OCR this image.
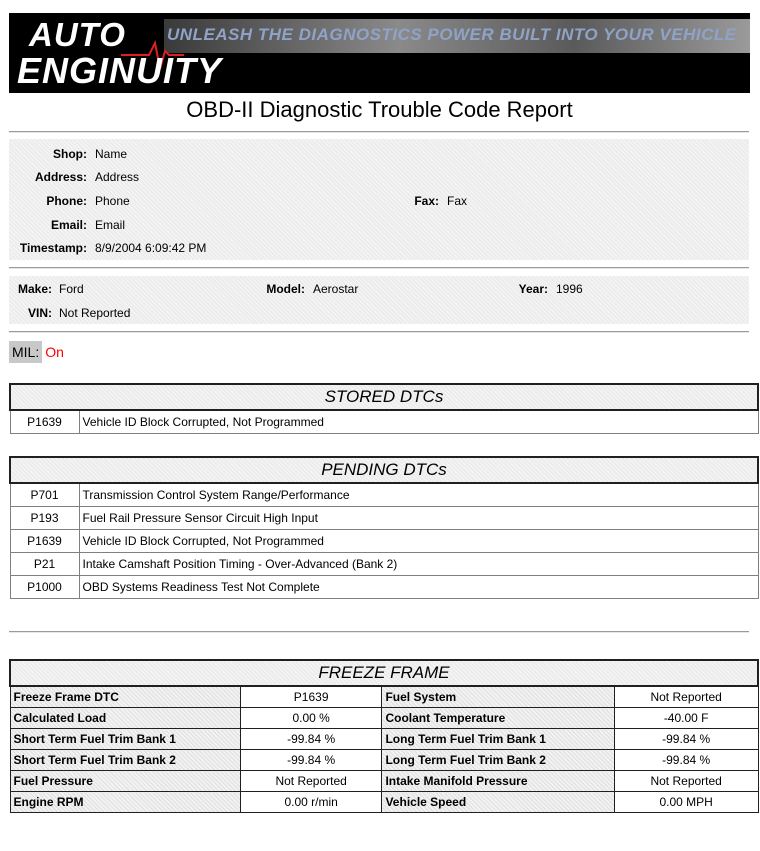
UNLEASH THE DIAGNOSTICS POWER BUILT INTO YOUR VEHICLE
AUTO
ENGINUITY
OBD-II Diagnostic Trouble Code Report
Shop: Name
Address: Address
Phone: Phone	Fax: Fax
Email: Email
Timestamp: 8/9/2004 6:09:42 PM
Make: Ford	Model: Aerostar	Year: 1996
VIN: Not Reported
MIL: On
STORED DTCs
P1639	Vehicle ID Block Corrupted, Not Programmed
PENDING DTCs	
P701	Transmission Control System Range/Performance
P193	Fuel Rail Pressure Sensor Circuit High Input
P1639	Vehicle ID Block Corrupted, Not Programmed
P21	Intake Camshaft Position Timing - Over-Advanced (Bank 2)
P1000	OBD Systems Readiness Test Not Complete
FREEZE FRAME			
Freeze Frame DTC	P1639	Fuel System	Not Reported
Calculated Load	0.00 %	Coolant Temperature	-40.00 F
Short Term Fuel Trim Bank 1	-99.84 %	Long Term Fuel Trim Bank 1	-99.84 %
Short Term Fuel Trim Bank 2	-99.84 %	Long Term Fuel Trim Bank 2	-99.84 %
Fuel Pressure	Not Reported	Intake Manifold Pressure	Not Reported
Engine RPM	0.00 r/min	Vehicle Speed	0.00 MPH
